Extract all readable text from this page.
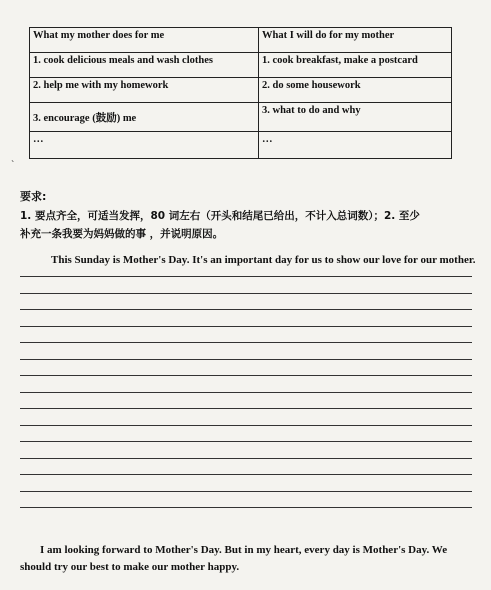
What my mother does for me	What I will do for my mother
1. cook delicious meals and wash clothes	1. cook breakfast, make a postcard
2. help me with my homework	2. do some housework
3. encourage (鼓励) me	3. what to do and why
…	…
`
要求:
1. 要点齐全，可适当发挥，80 词左右（开头和结尾已给出，不计入总词数）；2. 至少
补充一条我要为妈妈做的事 ，并说明原因。
This Sunday is Mother's Day. It's an important day for us to show our love for our mother.
I am looking forward to Mother's Day. But in my heart, every day is Mother's Day. We
should try our best to make our mother happy.
